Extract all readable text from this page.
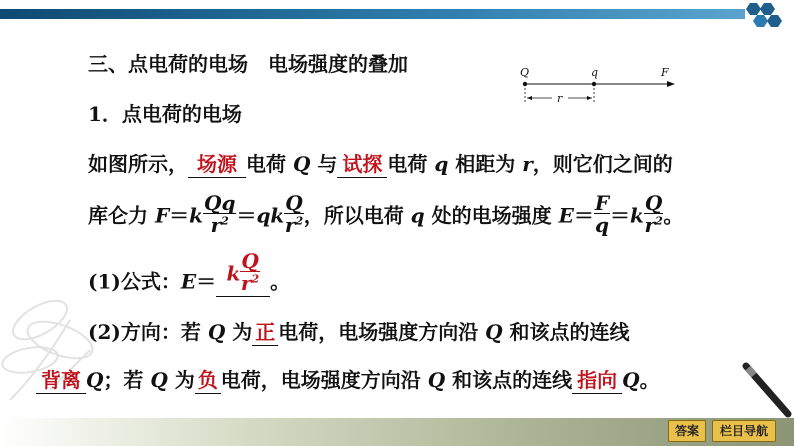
三、点电荷的电场　电场强度的叠加	Q	q	F
r
1．点电荷的电场
如图所示， 场源 电荷 Q 与 试探 电荷 q 相距为 r，则它们之间的
库仑力 $F=k \frac{Qq}{r^2} =qk \frac{Q}{r^2}$ ，所以电荷 q 处的电场强度 $E= \frac{F}{q} =k \frac{Q}{r^2}$ 。
(1)公式：E＝ k $\frac{Q}{r^2}$ 。
(2)方向：若 Q 为 正 电荷，电场强度方向沿 Q 和该点的连线
背离 Q；若 Q 为 负 电荷，电场强度方向沿 Q 和该点的连线 指向 Q。
答案	栏目导航
